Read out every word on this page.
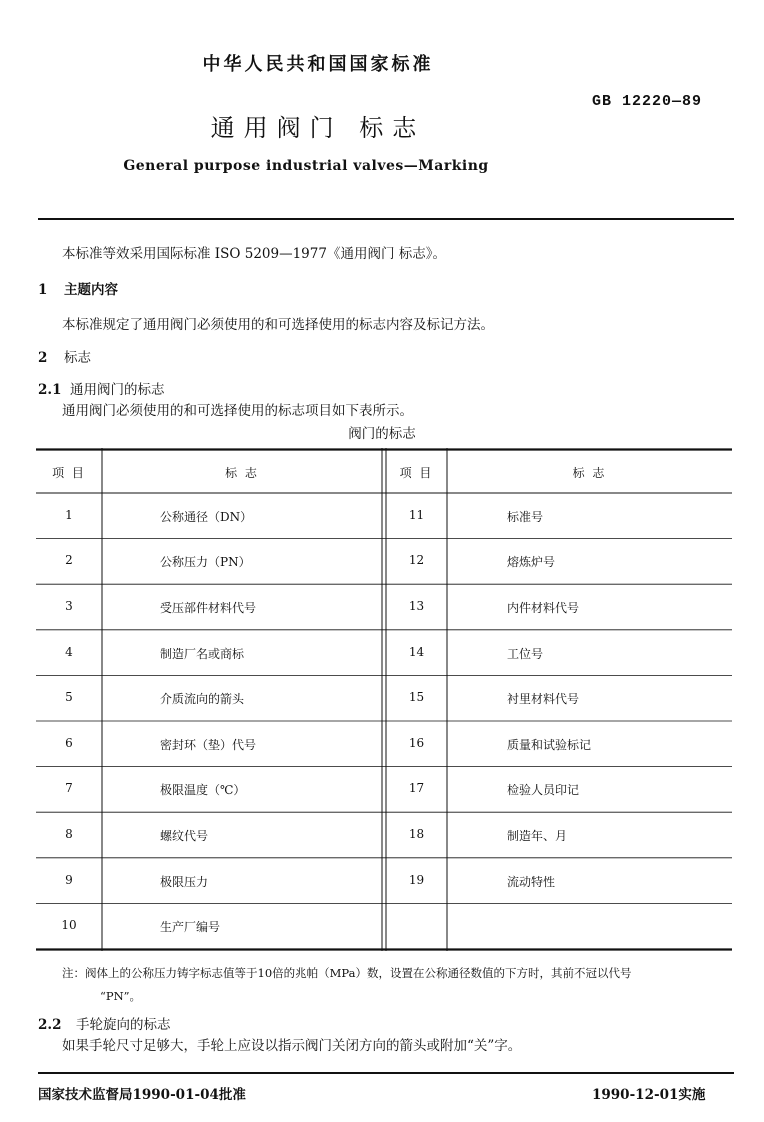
中华人民共和国国家标准
GB 12220—89
通用阀门 标志
General purpose industrial valves—Marking
本标准等效采用国际标准 ISO 5209—1977《通用阀门 标志》。
1 主题内容
本标准规定了通用阀门必须使用的和可选择使用的标志内容及标记方法。
2 标志
2.1 通用阀门的标志
通用阀门必须使用的和可选择使用的标志项目如下表所示。
阀门的标志
项 目	标 志	项 目	标 志
1	公称通径（DN）	11	标准号
2	公称压力（PN）	12	熔炼炉号
3	受压部件材料代号	13	内件材料代号
4	制造厂名或商标	14	工位号
5	介质流向的箭头	15	衬里材料代号
6	密封环（垫）代号	16	质量和试验标记
7	极限温度（℃）	17	检验人员印记
8	螺纹代号	18	制造年、月
9	极限压力	19	流动特性
10	生产厂编号
注：阀体上的公称压力铸字标志值等于10倍的兆帕（MPa）数，设置在公称通径数值的下方时，其前不冠以代号
“PN”。
2.2 手轮旋向的标志
如果手轮尺寸足够大，手轮上应设以指示阀门关闭方向的箭头或附加“关”字。
国家技术监督局1990-01-04批准	1990-12-01实施
